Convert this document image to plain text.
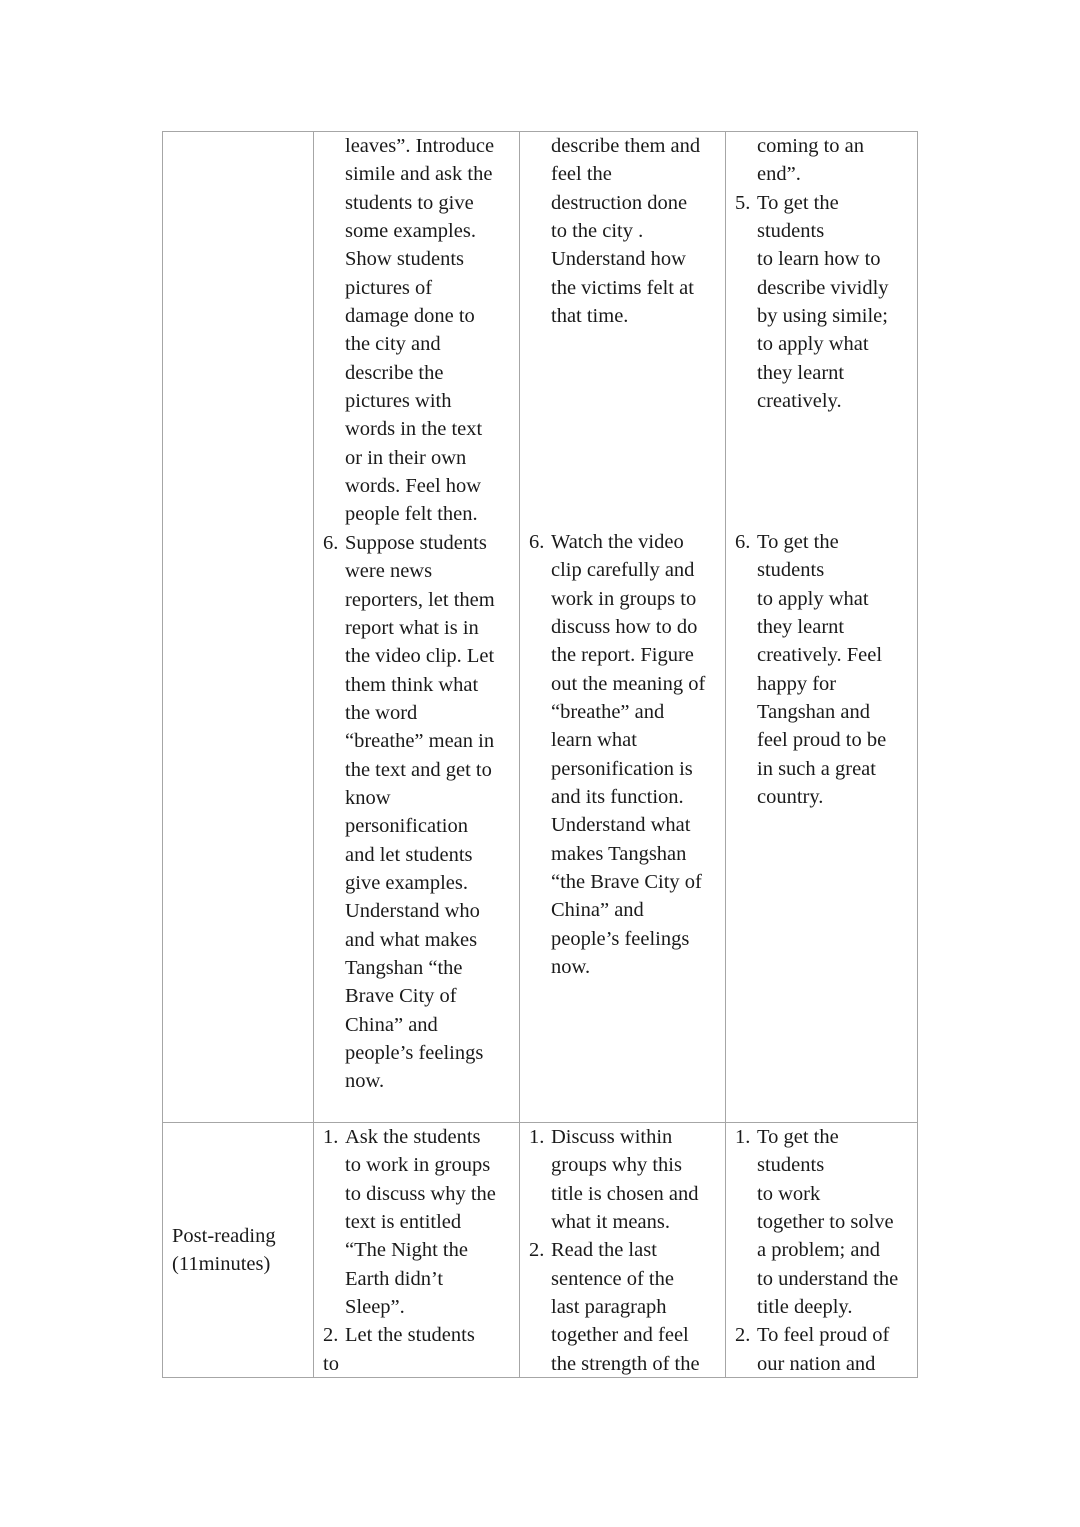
leaves”. Introduce
simile and ask the
students to give
some examples.
Show students
pictures of
damage done to
the city and
describe the
pictures with
words in the text
or in their own
words. Feel how
people felt then.
6. Suppose students
were news
reporters, let them
report what is in
the video clip. Let
them think what
the word
“breathe” mean in
the text and get to
know
personification
and let students
give examples.
Understand who
and what makes
Tangshan “the
Brave City of
China” and
people’s feelings
now.
describe them and
feel the
destruction done
to the city .
Understand how
the victims felt at
that time.
6. Watch the video
clip carefully and
work in groups to
discuss how to do
the report. Figure
out the meaning of
“breathe” and
learn what
personification is
and its function.
Understand what
makes Tangshan
“the Brave City of
China” and
people’s feelings
now.
coming to an
end”.
5. To get the
students
to learn how to
describe vividly
by using simile;
to apply what
they learnt
creatively.
6. To get the
students
to apply what
they learnt
creatively. Feel
happy for
Tangshan and
feel proud to be
in such a great
country.
Post-reading
(11minutes)
1. Ask the students
to work in groups
to discuss why the
text is entitled
“The Night the
Earth didn’t
Sleep”.
2. Let the students
to
1. Discuss within
groups why this
title is chosen and
what it means.
2. Read the last
sentence of the
last paragraph
together and feel
the strength of the
1. To get the
students
to work
together to solve
a problem; and
to understand the
title deeply.
2. To feel proud of
our nation and
